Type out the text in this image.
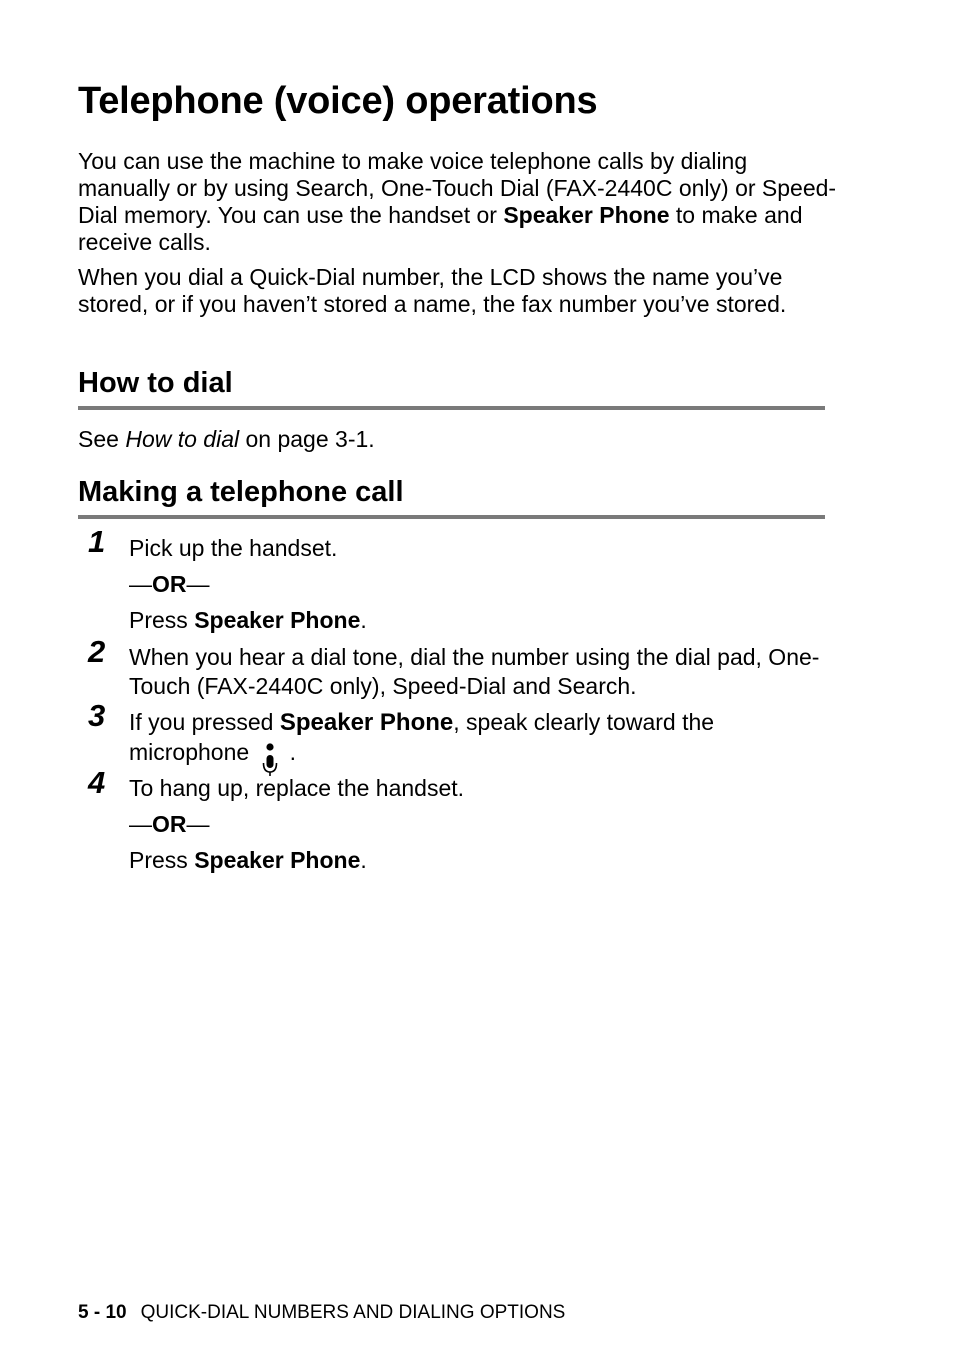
Telephone (voice) operations

You can use the machine to make voice telephone calls by dialing manually or by using Search, One-Touch Dial (FAX-2440C only) or Speed-Dial memory. You can use the handset or Speaker Phone to make and receive calls.

When you dial a Quick-Dial number, the LCD shows the name you’ve stored, or if you haven’t stored a name, the fax number you’ve stored.

How to dial

See How to dial on page 3-1.

Making a telephone call
1 Pick up the handset.

—OR—

Press Speaker Phone.

2 When you hear a dial tone, dial the number using the dial pad, One-Touch (FAX-2440C only), Speed-Dial and Search.

3 If you pressed Speaker Phone, speak clearly toward the microphone .

4 To hang up, replace the handset.

—OR—

Press Speaker Phone.

5 - 10 QUICK-DIAL NUMBERS AND DIALING OPTIONS
